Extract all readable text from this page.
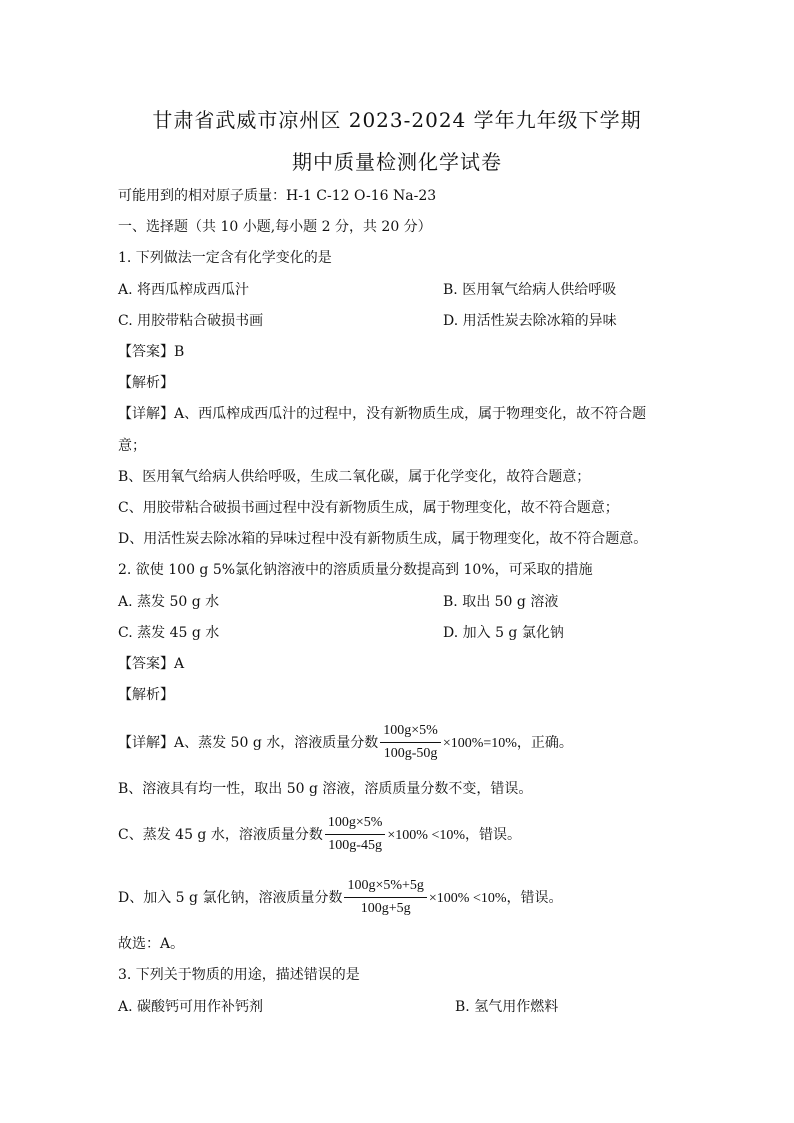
甘肃省武威市凉州区 2023-2024 学年九年级下学期
期中质量检测化学试卷
可能用到的相对原子质量：H-1 C-12 O-16 Na-23
一、选择题（共 10 小题,每小题 2 分，共 20 分）
1. 下列做法一定含有化学变化的是
A. 将西瓜榨成西瓜汁	B. 医用氧气给病人供给呼吸
C. 用胶带粘合破损书画	D. 用活性炭去除冰箱的异味
【答案】B
【解析】
【详解】A、西瓜榨成西瓜汁的过程中，没有新物质生成，属于物理变化，故不符合题
意；
B、医用氧气给病人供给呼吸，生成二氧化碳，属于化学变化，故符合题意；
C、用胶带粘合破损书画过程中没有新物质生成，属于物理变化，故不符合题意；
D、用活性炭去除冰箱的异味过程中没有新物质生成，属于物理变化，故不符合题意。
2. 欲使 100 g 5%氯化钠溶液中的溶质质量分数提高到 10%，可采取的措施
A. 蒸发 50 g 水	B. 取出 50 g 溶液
C. 蒸发 45 g 水	D. 加入 5 g 氯化钠
【答案】A
【解析】
【详解】A、蒸发 50 g 水，溶液质量分数 $\frac{100g\times 5\%}{100g-50g} \times 100\%=10\%$，正确。
B、溶液具有均一性，取出 50 g 溶液，溶质质量分数不变，错误。
C、蒸发 45 g 水，溶液质量分数 $\frac{100g\times 5\%}{100g-45g} \times 100\% <10\%$，错误。
D、加入 5 g 氯化钠，溶液质量分数 $\frac{100g\times 5\%+5g}{100g+5g} \times 100\% <10\%$，错误。
故选：A。
3. 下列关于物质的用途，描述错误的是
A. 碳酸钙可用作补钙剂	B. 氢气用作燃料
